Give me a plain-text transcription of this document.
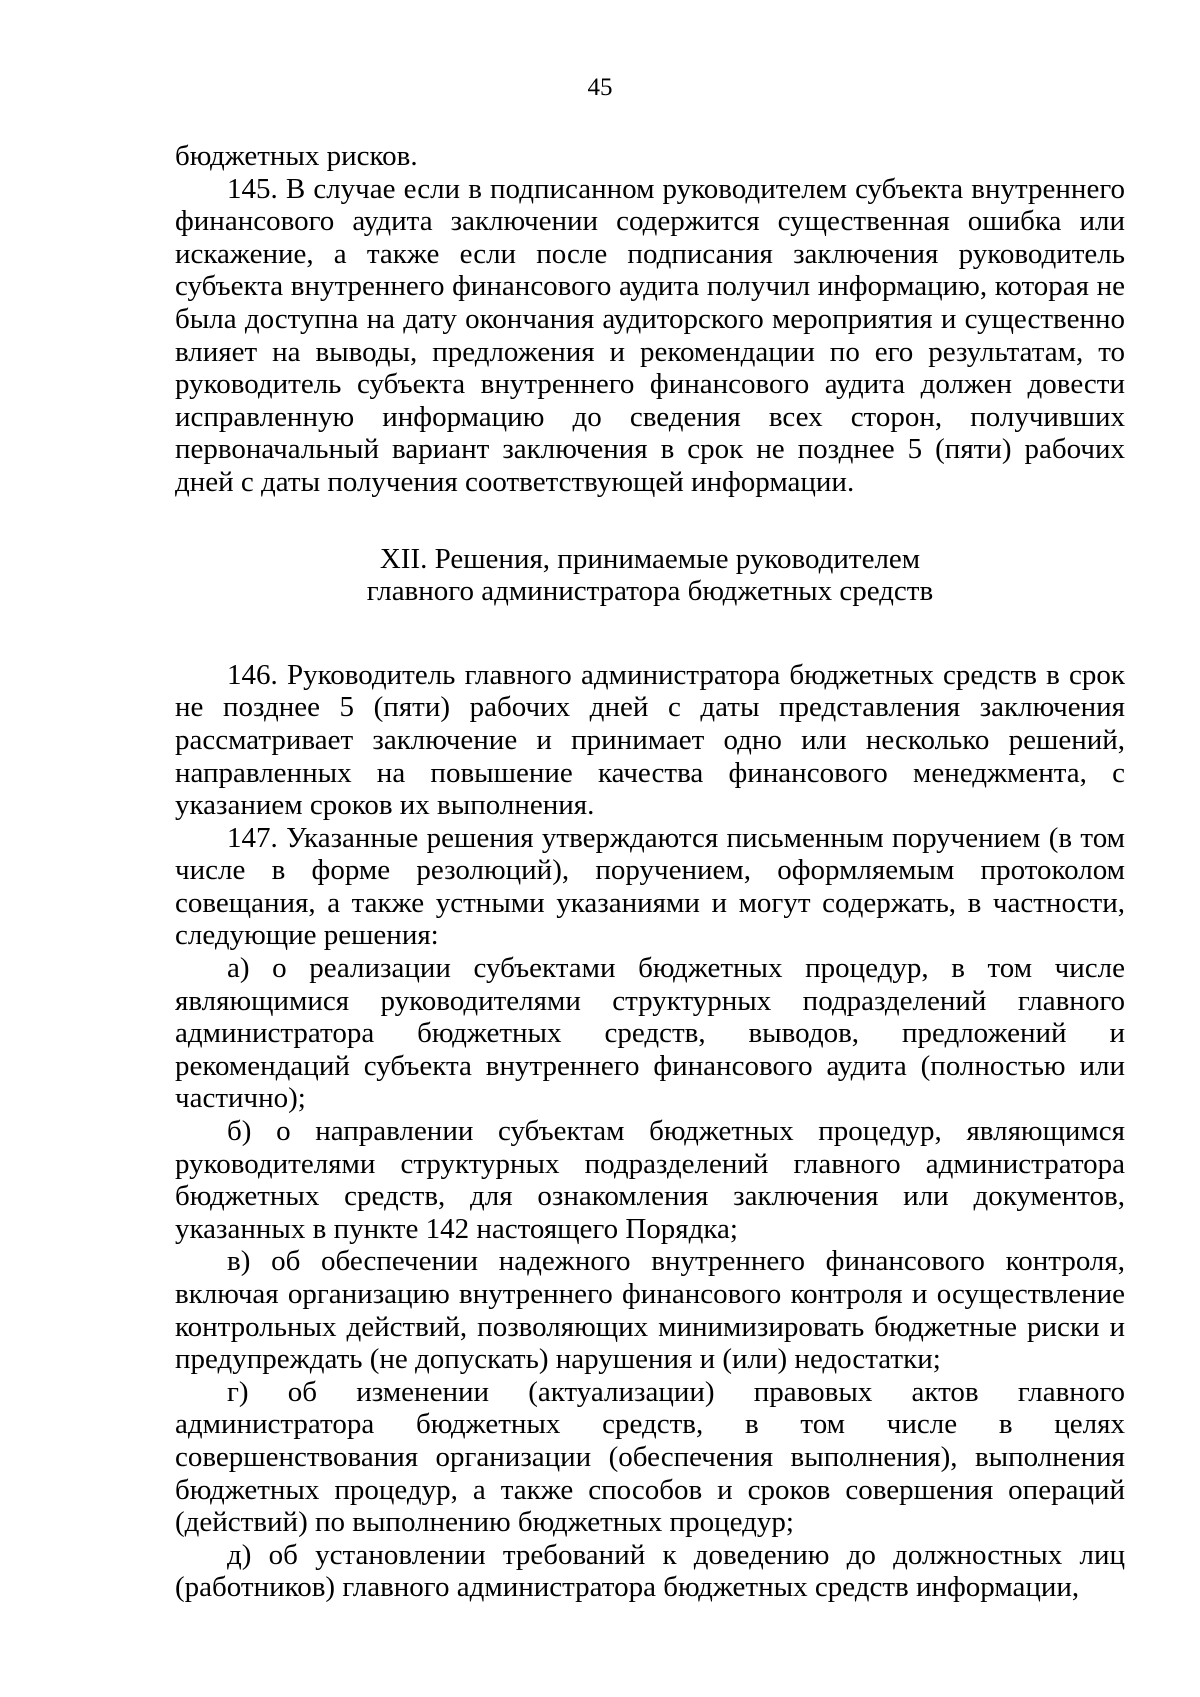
45

бюджетных рисков.

145. В случае если в подписанном руководителем субъекта внутреннего финансового аудита заключении содержится существенная ошибка или искажение, а также если после подписания заключения руководитель субъекта внутреннего финансового аудита получил информацию, которая не была доступна на дату окончания аудиторского мероприятия и существенно влияет на выводы, предложения и рекомендации по его результатам, то руководитель субъекта внутреннего финансового аудита должен довести исправленную информацию до сведения всех сторон, получивших первоначальный вариант заключения в срок не позднее 5 (пяти) рабочих дней с даты получения соответствующей информации.

XII. Решения, принимаемые руководителем
главного администратора бюджетных средств

146. Руководитель главного администратора бюджетных средств в срок не позднее 5 (пяти) рабочих дней с даты представления заключения рассматривает заключение и принимает одно или несколько решений, направленных на повышение качества финансового менеджмента, с указанием сроков их выполнения.

147. Указанные решения утверждаются письменным поручением (в том числе в форме резолюций), поручением, оформляемым протоколом совещания, а также устными указаниями и могут содержать, в частности, следующие решения:

а) о реализации субъектами бюджетных процедур, в том числе являющимися руководителями структурных подразделений главного администратора бюджетных средств, выводов, предложений и рекомендаций субъекта внутреннего финансового аудита (полностью или частично);

б) о направлении субъектам бюджетных процедур, являющимся руководителями структурных подразделений главного администратора бюджетных средств, для ознакомления заключения или документов, указанных в пункте 142 настоящего Порядка;

в) об обеспечении надежного внутреннего финансового контроля, включая организацию внутреннего финансового контроля и осуществление контрольных действий, позволяющих минимизировать бюджетные риски и предупреждать (не допускать) нарушения и (или) недостатки;

г) об изменении (актуализации) правовых актов главного администратора бюджетных средств, в том числе в целях совершенствования организации (обеспечения выполнения), выполнения бюджетных процедур, а также способов и сроков совершения операций (действий) по выполнению бюджетных процедур;

д) об установлении требований к доведению до должностных лиц (работников) главного администратора бюджетных средств информации,
